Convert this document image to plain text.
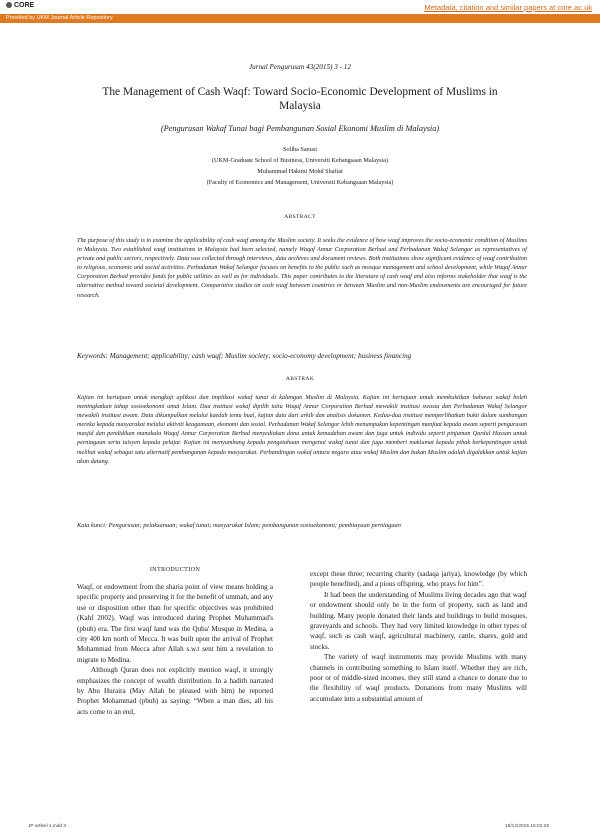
CORE	Metadata, citation and similar papers at core.ac.uk
Provided by UKM Journal Article Repository
Jurnal Pengurusan 43(2015) 3 - 12
The Management of Cash Waqf: Toward Socio-Economic Development of Muslims in Malaysia
(Pengurusan Wakaf Tunai bagi Pembangunan Sosial Ekonomi Muslim di Malaysia)
Soliha Sanusi
(UKM-Graduate School of Business, Universiti Kebangsaan Malaysia)
Muhammad Hakimi Mohd Shafiai
(Faculty of Economics and Management, Universiti Kebangsaan Malaysia)
ABSTRACT
The purpose of this study is to examine the applicability of cash waqf among the Muslim society. It seeks the evidence of how waqf improves the socio-economic condition of Muslims in Malaysia. Two established waqf institutions in Malaysia had been selected, namely Waqaf Annur Corporation Berhad and Perbadanan Wakaf Selangor as representatives of private and public sectors, respectively. Data was collected through interviews, data archives and document reviews. Both institutions show significant evidence of waqf contribution to religious, economic and social activities. Perbadanan Wakaf Selangor focuses on benefits to the public such as mosque management and school development, while Waqaf Annur Corporation Berhad provides funds for public utilities as well as for individuals. This paper contributes to the literature of cash waqf and also informs stakeholder that waqf is the alternative method toward societal development. Comparative studies on cash waqf between countries or between Muslim and non-Muslim endowments are encouraged for future research.
Keywords: Management; applicability; cash waqf; Muslim society; socio-economy development; business financing
ABSTRAK
Kajian ini bertujuan untuk mengkaji aplikasi dan implikasi wakaf tunai di kalangan Muslim di Malaysia. Kajian ini bertujuan untuk membuktikan bahawa wakaf boleh meningkatkan tahap sosioekonomi umat Islam. Dua institusi wakaf dipilih iaitu Waqaf Annur Corporation Berhad mewakili institusi swasta dan Perbadanan Wakaf Selangor mewakili institusi awam. Data dikumpulkan melalui kaedah temu bual, kajian data dari arkib dan analisis dokumen. Kedua-dua institusi memperlihatkan bukti dalam sumbangan mereka kepada masyarakat melalui aktiviti keagamaan, ekonomi dan sosial. Perbadanan Wakaf Selangor lebih menumpukan kepentingan manfaat kepada awam seperti pengurusan masjid dan pendidikan manakala Waqaf Annur Corporation Berhad menyediakan dana untuk kemudahan awam dan juga untuk individu seperti pinjaman Qardul Hassan untuk perniagaan serta tuisyen kepada pelajar. Kajian ini menyumbang kepada pengetahuan mengenai wakaf tunai dan juga memberi maklumat kepada pihak berkepentingan untuk melihat wakaf sebagai satu alternatif pembangunan kepada masyarakat. Perbandingan wakaf antara negara atau wakaf Muslim dan bukan Muslim adalah digalakkan untuk kajian akan datang.
Kata kunci: Pengurusan; pelaksanaan; wakaf tunai; masyarakat Islam; pembangunan sosioekonomi; pembiayaan perniagaan
INTRODUCTION

Waqf, or endowment from the sharia point of view means holding a specific property and preserving it for the benefit of ummah, and any use or disposition other than for specific objectives was prohibited (Kahf 2002). Waqf was introduced during Prophet Muhammad's (pbuh) era. The first waqf land was the Quba' Mosque in Medina, a city 400 km north of Mecca. It was built upon the arrival of Prophet Mohammad from Mecca after Allah s.w.t sent him a revelation to migrate to Medina.

Although Quran does not explicitly mention waqf, it strongly emphasizes the concept of wealth distribution. In a hadith narrated by Abu Huraira (May Allah be pleased with him) he reported Prophet Mohammad (pbuh) as saying: “When a man dies, all his acts come to an end,

except these three; recurring charity (sadaqa jariya), knowledge (by which people benefited), and a pious offspring, who prays for him”.

It had been the understanding of Muslims living decades ago that waqf or endowment should only be in the form of property, such as land and building. Many people donated their lands and buildings to build mosques, graveyards and schools. They had very limited knowledge in other types of waqf, such as cash waqf, agricultural machinery, cattle, shares, gold and stocks.

The variety of waqf instruments may provide Muslims with many channels in contributing something to Islam itself. Whether they are rich, poor or of middle-sized incomes, they still stand a chance to donate due to the flexibility of waqf products. Donations from many Muslims will accumulate into a substantial amount of

JP artikel 1.indd 3	19/12/2015 15:02:29
